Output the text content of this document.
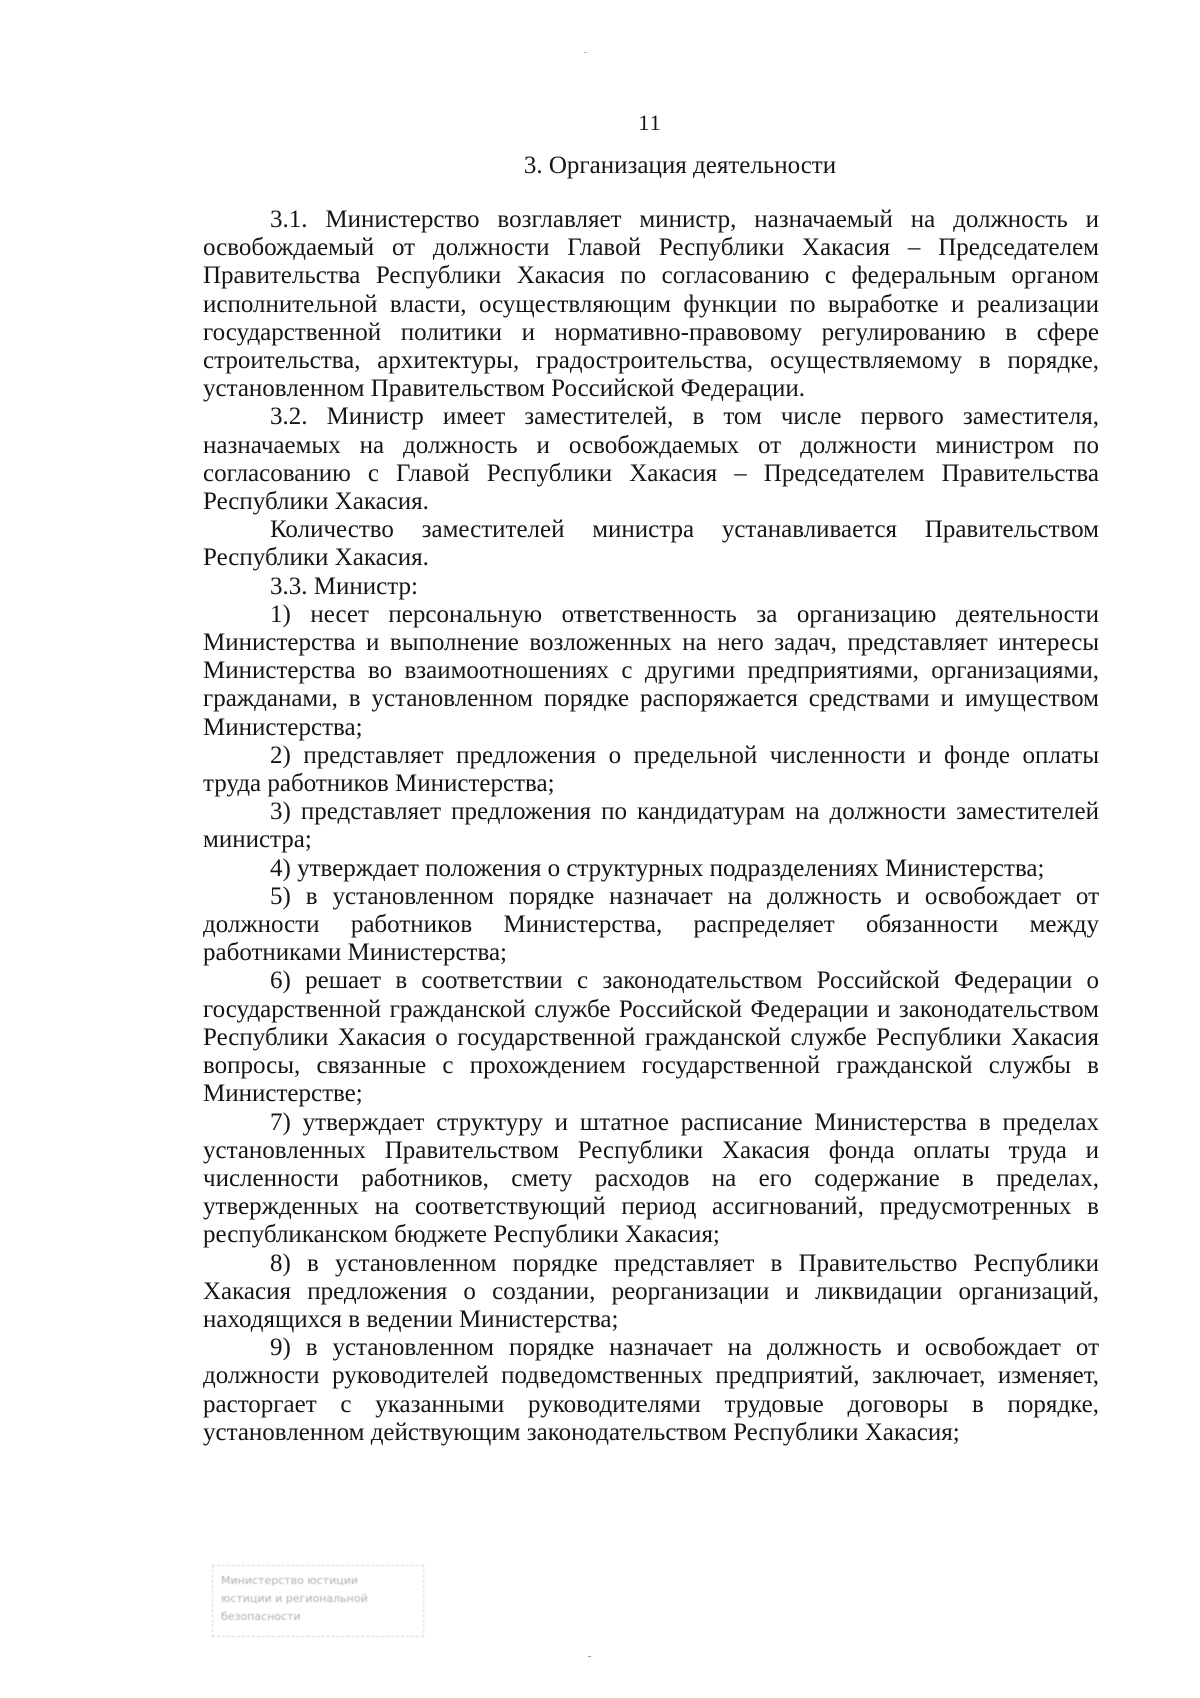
11
3. Организация деятельности

3.1. Министерство возглавляет министр, назначаемый на должность и освобождаемый от должности Главой Республики Хакасия – Председателем Правительства Республики Хакасия по согласованию с федеральным органом исполнительной власти, осуществляющим функции по выработке и реализации государственной политики и нормативно-правовому регулированию в сфере строительства, архитектуры, градостроительства, осуществляемому в порядке, установленном Правительством Российской Федерации.

3.2. Министр имеет заместителей, в том числе первого заместителя, назначаемых на должность и освобождаемых от должности министром по согласованию с Главой Республики Хакасия – Председателем Правительства Республики Хакасия.

Количество заместителей министра устанавливается Правительством Республики Хакасия.

3.3. Министр:

1) несет персональную ответственность за организацию деятельности Министерства и выполнение возложенных на него задач, представляет интересы Министерства во взаимоотношениях с другими предприятиями, организациями, гражданами, в установленном порядке распоряжается средствами и имуществом Министерства;

2) представляет предложения о предельной численности и фонде оплаты труда работников Министерства;

3) представляет предложения по кандидатурам на должности заместителей министра;

4) утверждает положения о структурных подразделениях Министерства;

5) в установленном порядке назначает на должность и освобождает от должности работников Министерства, распределяет обязанности между работниками Министерства;

6) решает в соответствии с законодательством Российской Федерации о государственной гражданской службе Российской Федерации и законодательством Республики Хакасия о государственной гражданской службе Республики Хакасия вопросы, связанные с прохождением государственной гражданской службы в Министерстве;

7) утверждает структуру и штатное расписание Министерства в пределах установленных Правительством Республики Хакасия фонда оплаты труда и численности работников, смету расходов на его содержание в пределах, утвержденных на соответствующий период ассигнований, предусмотренных в республиканском бюджете Республики Хакасия;

8) в установленном порядке представляет в Правительство Республики Хакасия предложения о создании, реорганизации и ликвидации организаций, находящихся в ведении Министерства;

9) в установленном порядке назначает на должность и освобождает от должности руководителей подведомственных предприятий, заключает, изменяет, расторгает с указанными руководителями трудовые договоры в порядке, установленном действующим законодательством Республики Хакасия;

Министерство юстиции
юстиции и региональной
безопасности
